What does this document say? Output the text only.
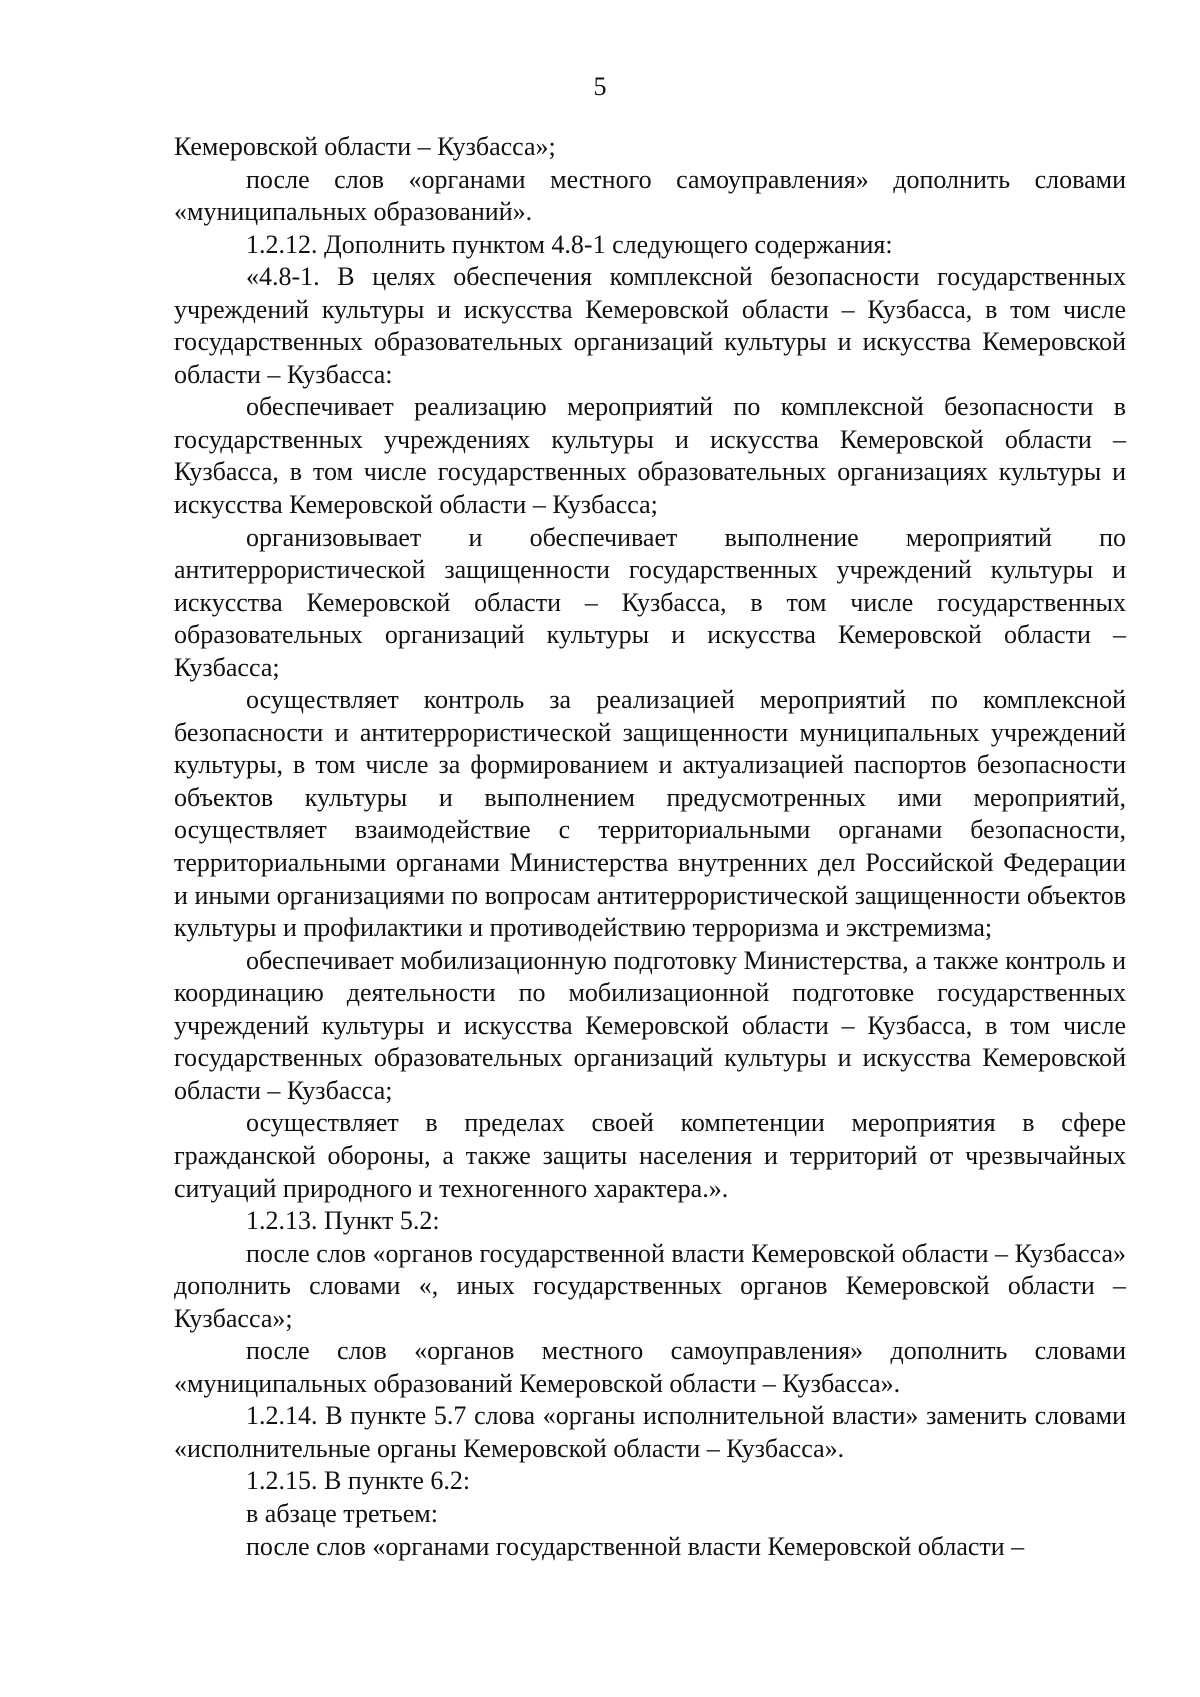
5

Кемеровской области – Кузбасса»;

после слов «органами местного самоуправления» дополнить словами «муниципальных образований».

1.2.12. Дополнить пунктом 4.8-1 следующего содержания:

«4.8-1. В целях обеспечения комплексной безопасности государственных учреждений культуры и искусства Кемеровской области – Кузбасса, в том числе государственных образовательных организаций культуры и искусства Кемеровской области – Кузбасса:

обеспечивает реализацию мероприятий по комплексной безопасности в государственных учреждениях культуры и искусства Кемеровской области – Кузбасса, в том числе государственных образовательных организациях культуры и искусства Кемеровской области – Кузбасса;

организовывает и обеспечивает выполнение мероприятий по антитеррористической защищенности государственных учреждений культуры и искусства Кемеровской области – Кузбасса, в том числе государственных образовательных организаций культуры и искусства Кемеровской области – Кузбасса;

осуществляет контроль за реализацией мероприятий по комплексной безопасности и антитеррористической защищенности муниципальных учреждений культуры, в том числе за формированием и актуализацией паспортов безопасности объектов культуры и выполнением предусмотренных ими мероприятий, осуществляет взаимодействие с территориальными органами безопасности, территориальными органами Министерства внутренних дел Российской Федерации и иными организациями по вопросам антитеррористической защищенности объектов культуры и профилактики и противодействию терроризма и экстремизма;

обеспечивает мобилизационную подготовку Министерства, а также контроль и координацию деятельности по мобилизационной подготовке государственных учреждений культуры и искусства Кемеровской области – Кузбасса, в том числе государственных образовательных организаций культуры и искусства Кемеровской области – Кузбасса;

осуществляет в пределах своей компетенции мероприятия в сфере гражданской обороны, а также защиты населения и территорий от чрезвычайных ситуаций природного и техногенного характера.».

1.2.13. Пункт 5.2:

после слов «органов государственной власти Кемеровской области – Кузбасса» дополнить словами «, иных государственных органов Кемеровской области – Кузбасса»;

после слов «органов местного самоуправления» дополнить словами «муниципальных образований Кемеровской области – Кузбасса».

1.2.14. В пункте 5.7 слова «органы исполнительной власти» заменить словами «исполнительные органы Кемеровской области – Кузбасса».

1.2.15. В пункте 6.2:

в абзаце третьем:

после слов «органами государственной власти Кемеровской области –
